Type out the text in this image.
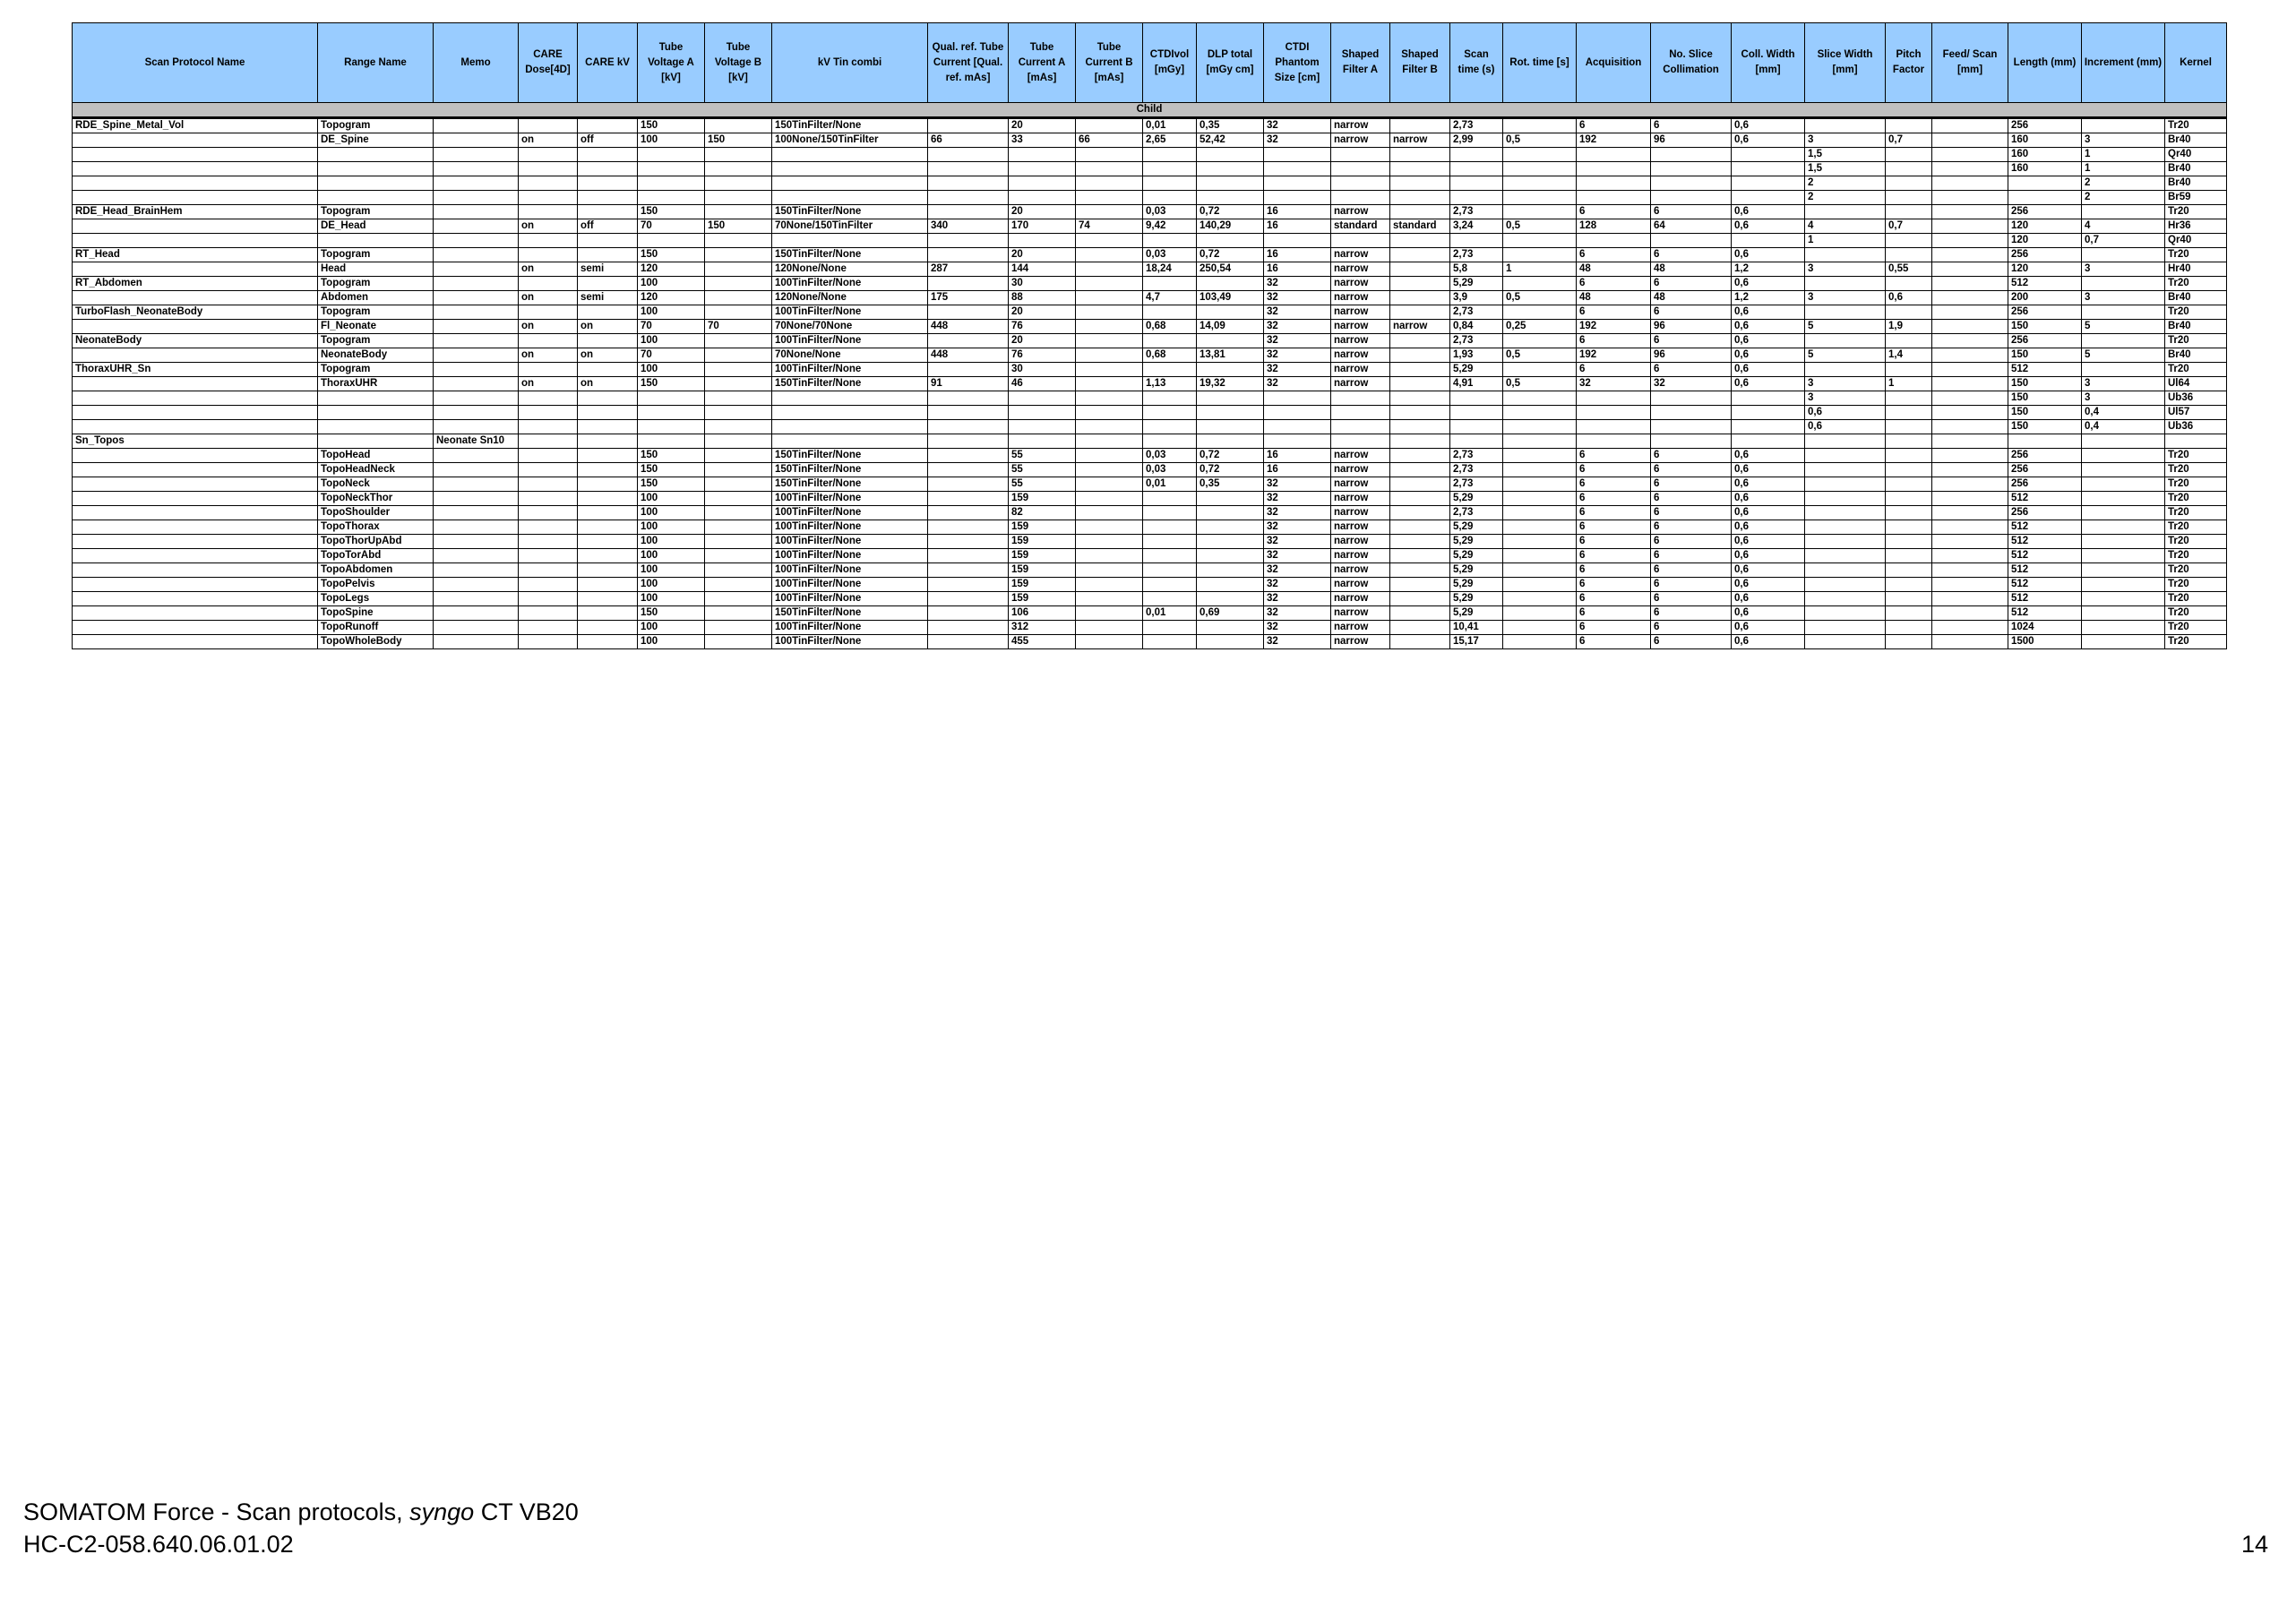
Scan Protocol Name	Range Name	Memo	CARE Dose[4D]	CARE kV	Tube Voltage A [kV]	Tube Voltage B [kV]	kV Tin combi	Qual. ref. Tube Current [Qual. ref. mAs]	Tube Current A [mAs]	Tube Current B [mAs]	CTDIvol [mGy]	DLP total [mGy cm]	CTDI Phantom Size [cm]	Shaped Filter A	Shaped Filter B	Scan time (s)	Rot. time [s]	Acquisition	No. Slice Collimation	Coll. Width [mm]	Slice Width [mm]	Pitch Factor	Feed/ Scan [mm]	Length (mm)	Increment (mm)	Kernel
Child																										
RDE_Spine_Metal_Vol	Topogram				150		150TinFilter/None		20		0,01	0,35	32	narrow		2,73		6	6	0,6				256		Tr20
	DE_Spine		on	off	100	150	100None/150TinFilter	66	33	66	2,65	52,42	32	narrow	narrow	2,99	0,5	192	96	0,6	3	0,7		160	3	Br40
																					1,5			160	1	Qr40
																					1,5			160	1	Br40
																					2				2	Br40
																					2				2	Br59
RDE_Head_BrainHem	Topogram				150		150TinFilter/None		20		0,03	0,72	16	narrow		2,73		6	6	0,6				256		Tr20
	DE_Head		on	off	70	150	70None/150TinFilter	340	170	74	9,42	140,29	16	standard	standard	3,24	0,5	128	64	0,6	4	0,7		120	4	Hr36
																					1			120	0,7	Qr40
RT_Head	Topogram				150		150TinFilter/None		20		0,03	0,72	16	narrow		2,73		6	6	0,6				256		Tr20
	Head		on	semi	120		120None/None	287	144		18,24	250,54	16	narrow		5,8	1	48	48	1,2	3	0,55		120	3	Hr40
RT_Abdomen	Topogram				100		100TinFilter/None		30				32	narrow		5,29		6	6	0,6				512		Tr20
	Abdomen		on	semi	120		120None/None	175	88		4,7	103,49	32	narrow		3,9	0,5	48	48	1,2	3	0,6		200	3	Br40
TurboFlash_NeonateBody	Topogram				100		100TinFilter/None		20				32	narrow		2,73		6	6	0,6				256		Tr20
	Fl_Neonate		on	on	70	70	70None/70None	448	76		0,68	14,09	32	narrow	narrow	0,84	0,25	192	96	0,6	5	1,9		150	5	Br40
NeonateBody	Topogram				100		100TinFilter/None		20				32	narrow		2,73		6	6	0,6				256		Tr20
	NeonateBody		on	on	70		70None/None	448	76		0,68	13,81	32	narrow		1,93	0,5	192	96	0,6	5	1,4		150	5	Br40
ThoraxUHR_Sn	Topogram				100		100TinFilter/None		30				32	narrow		5,29		6	6	0,6				512		Tr20
	ThoraxUHR		on	on	150		150TinFilter/None	91	46		1,13	19,32	32	narrow		4,91	0,5	32	32	0,6	3	1		150	3	Ul64
																					3			150	3	Ub36
																					0,6			150	0,4	Ul57
																					0,6			150	0,4	Ub36
Sn_Topos		Neonate Sn10																								
	TopoHead				150		150TinFilter/None		55		0,03	0,72	16	narrow		2,73		6	6	0,6				256		Tr20
	TopoHeadNeck				150		150TinFilter/None		55		0,03	0,72	16	narrow		2,73		6	6	0,6				256		Tr20
	TopoNeck				150		150TinFilter/None		55		0,01	0,35	32	narrow		2,73		6	6	0,6				256		Tr20
	TopoNeckThor				100		100TinFilter/None		159				32	narrow		5,29		6	6	0,6				512		Tr20
	TopoShoulder				100		100TinFilter/None		82				32	narrow		2,73		6	6	0,6				256		Tr20
	TopoThorax				100		100TinFilter/None		159				32	narrow		5,29		6	6	0,6				512		Tr20
	TopoThorUpAbd				100		100TinFilter/None		159				32	narrow		5,29		6	6	0,6				512		Tr20
	TopoTorAbd				100		100TinFilter/None		159				32	narrow		5,29		6	6	0,6				512		Tr20
	TopoAbdomen				100		100TinFilter/None		159				32	narrow		5,29		6	6	0,6				512		Tr20
	TopoPelvis				100		100TinFilter/None		159				32	narrow		5,29		6	6	0,6				512		Tr20
	TopoLegs				100		100TinFilter/None		159				32	narrow		5,29		6	6	0,6				512		Tr20
	TopoSpine				150		150TinFilter/None		106		0,01	0,69	32	narrow		5,29		6	6	0,6				512		Tr20
	TopoRunoff				100		100TinFilter/None		312				32	narrow		10,41		6	6	0,6				1024		Tr20
	TopoWholeBody				100		100TinFilter/None		455				32	narrow		15,17		6	6	0,6				1500		Tr20
SOMATOM Force - Scan protocols, syngo CT VB20
HC-C2-058.640.06.01.02	14
